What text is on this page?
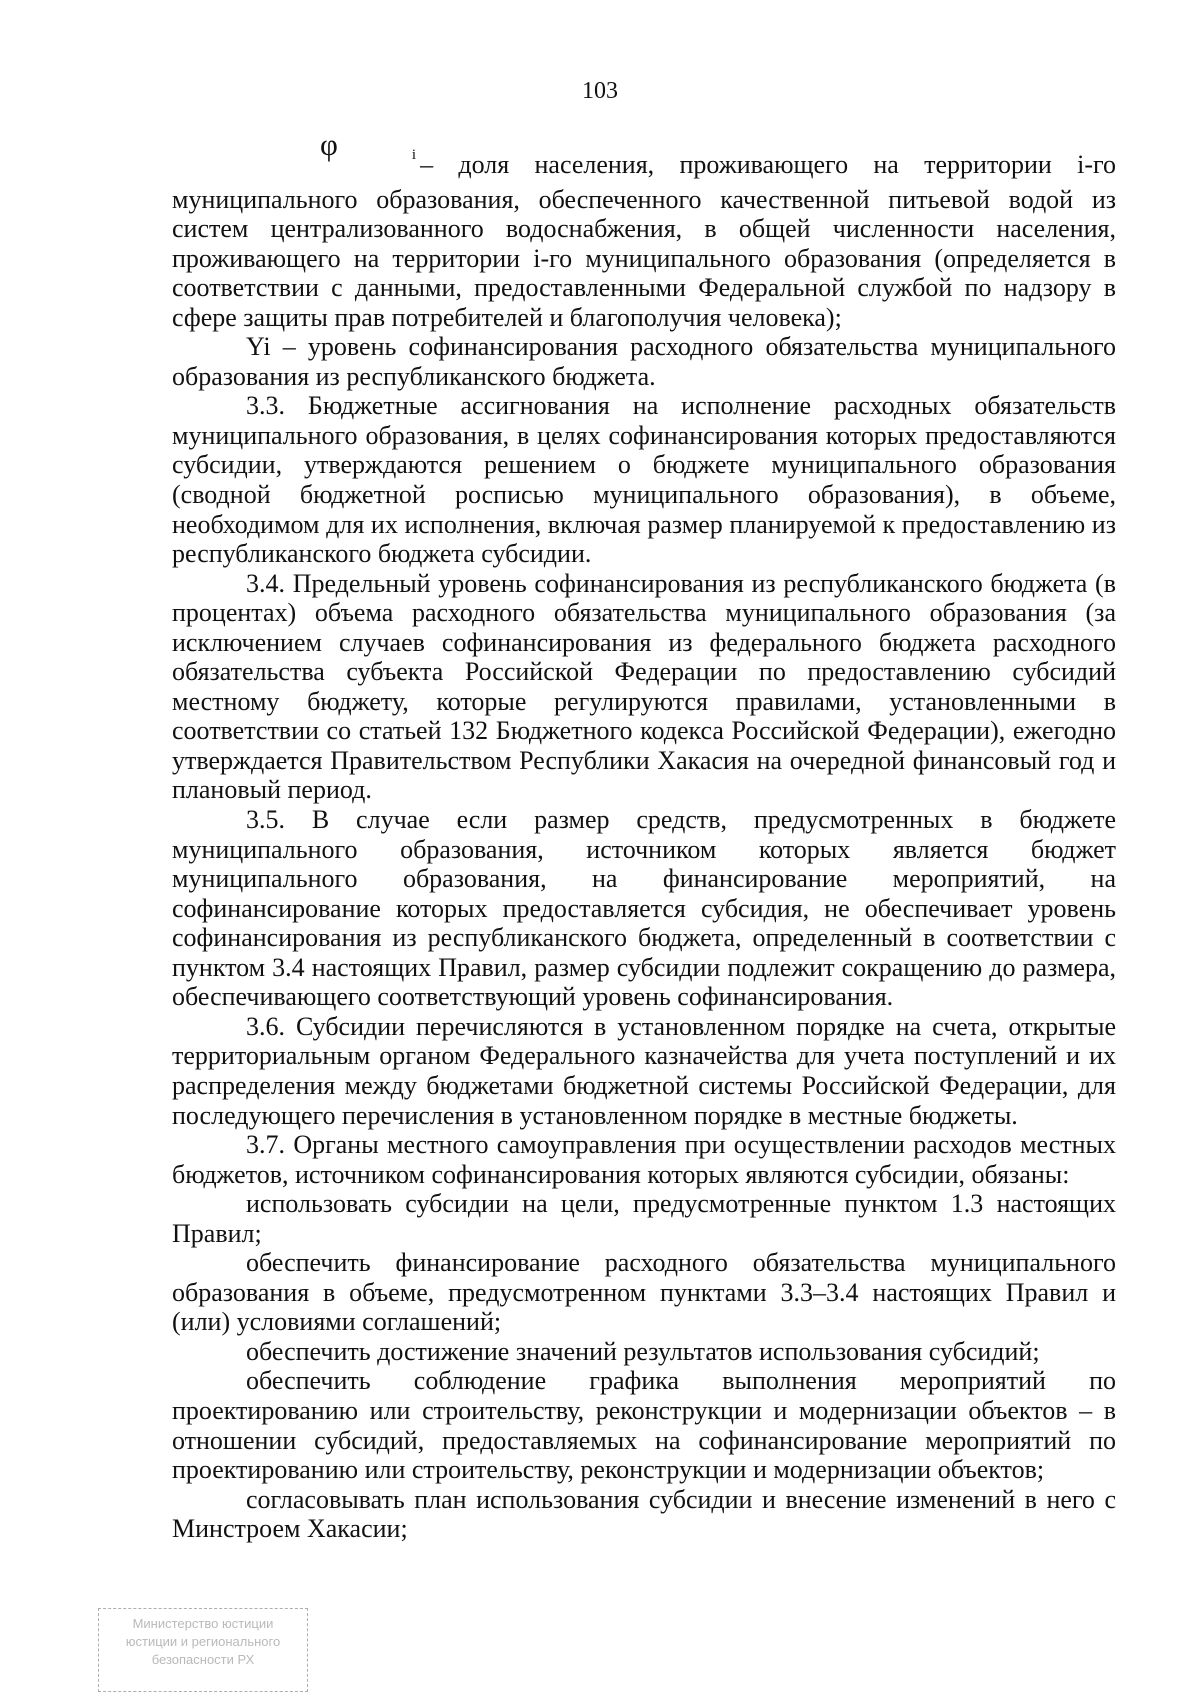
103

φ	i – доля населения, проживающего на территории i-го муниципального образования, обеспеченного качественной питьевой водой из систем централизованного водоснабжения, в общей численности населения, проживающего на территории i-го муниципального образования (определяется в соответствии с данными, предоставленными Федеральной службой по надзору в сфере защиты прав потребителей и благополучия человека);

Yi – уровень софинансирования расходного обязательства муниципального образования из республиканского бюджета.

3.3. Бюджетные ассигнования на исполнение расходных обязательств муниципального образования, в целях софинансирования которых предоставляются субсидии, утверждаются решением о бюджете муниципального образования (сводной бюджетной росписью муниципального образования), в объеме, необходимом для их исполнения, включая размер планируемой к предоставлению из республиканского бюджета субсидии.

3.4. Предельный уровень софинансирования из республиканского бюджета (в процентах) объема расходного обязательства муниципального образования (за исключением случаев софинансирования из федерального бюджета расходного обязательства субъекта Российской Федерации по предоставлению субсидий местному бюджету, которые регулируются правилами, установленными в соответствии со статьей 132 Бюджетного кодекса Российской Федерации), ежегодно утверждается Правительством Республики Хакасия на очередной финансовый год и плановый период.

3.5. В случае если размер средств, предусмотренных в бюджете муниципального образования, источником которых является бюджет муниципального образования, на финансирование мероприятий, на софинансирование которых предоставляется субсидия, не обеспечивает уровень софинансирования из республиканского бюджета, определенный в соответствии с пунктом 3.4 настоящих Правил, размер субсидии подлежит сокращению до размера, обеспечивающего соответствующий уровень софинансирования.

3.6. Субсидии перечисляются в установленном порядке на счета, открытые территориальным органом Федерального казначейства для учета поступлений и их распределения между бюджетами бюджетной системы Российской Федерации, для последующего перечисления в установленном порядке в местные бюджеты.

3.7. Органы местного самоуправления при осуществлении расходов местных бюджетов, источником софинансирования которых являются субсидии, обязаны:

использовать субсидии на цели, предусмотренные пунктом 1.3 настоящих Правил;

обеспечить финансирование расходного обязательства муниципального образования в объеме, предусмотренном пунктами 3.3–3.4 настоящих Правил и (или) условиями соглашений;

обеспечить достижение значений результатов использования субсидий;

обеспечить соблюдение графика выполнения мероприятий по проектированию или строительству, реконструкции и модернизации объектов – в отношении субсидий, предоставляемых на софинансирование мероприятий по проектированию или строительству, реконструкции и модернизации объектов;

согласовывать план использования субсидии и внесение изменений в него с Минстроем Хакасии;

Министерство юстиции
юстиции и регионального
безопасности РХ
